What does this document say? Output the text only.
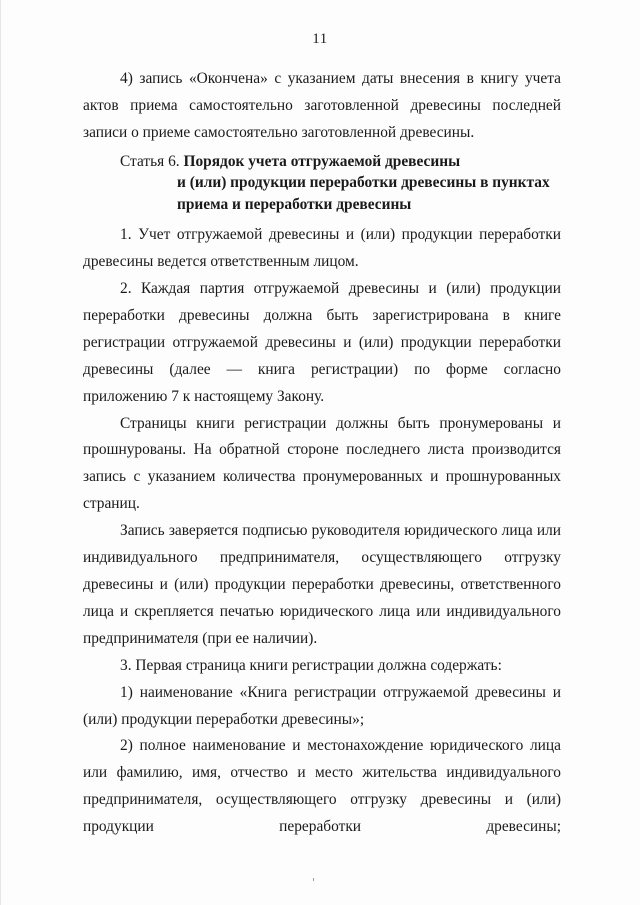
11

4) запись «Окончена» с указанием даты внесения в книгу учета актов приема самостоятельно заготовленной древесины последней записи о приеме самостоятельно заготовленной древесины.

Статья 6. Порядок учета отгружаемой древесины
и (или) продукции переработки древесины в пунктах
приема и переработки древесины

1. Учет отгружаемой древесины и (или) продукции переработки древесины ведется ответственным лицом.

2. Каждая партия отгружаемой древесины и (или) продукции переработки древесины должна быть зарегистрирована в книге регистрации отгружаемой древесины и (или) продукции переработки древесины (далее — книга регистрации) по форме согласно приложению 7 к настоящему Закону.

Страницы книги регистрации должны быть пронумерованы и прошнурованы. На обратной стороне последнего листа производится запись с указанием количества пронумерованных и прошнурованных страниц.

Запись заверяется подписью руководителя юридического лица или индивидуального предпринимателя, осуществляющего отгрузку древесины и (или) продукции переработки древесины, ответственного лица и скрепляется печатью юридического лица или индивидуального предпринимателя (при ее наличии).

3. Первая страница книги регистрации должна содержать:

1) наименование «Книга регистрации отгружаемой древесины и (или) продукции переработки древесины»;

2) полное наименование и местонахождение юридического лица или фамилию, имя, отчество и место жительства индивидуального предпринимателя, осуществляющего отгрузку древесины и (или) продукции переработки древесины;
